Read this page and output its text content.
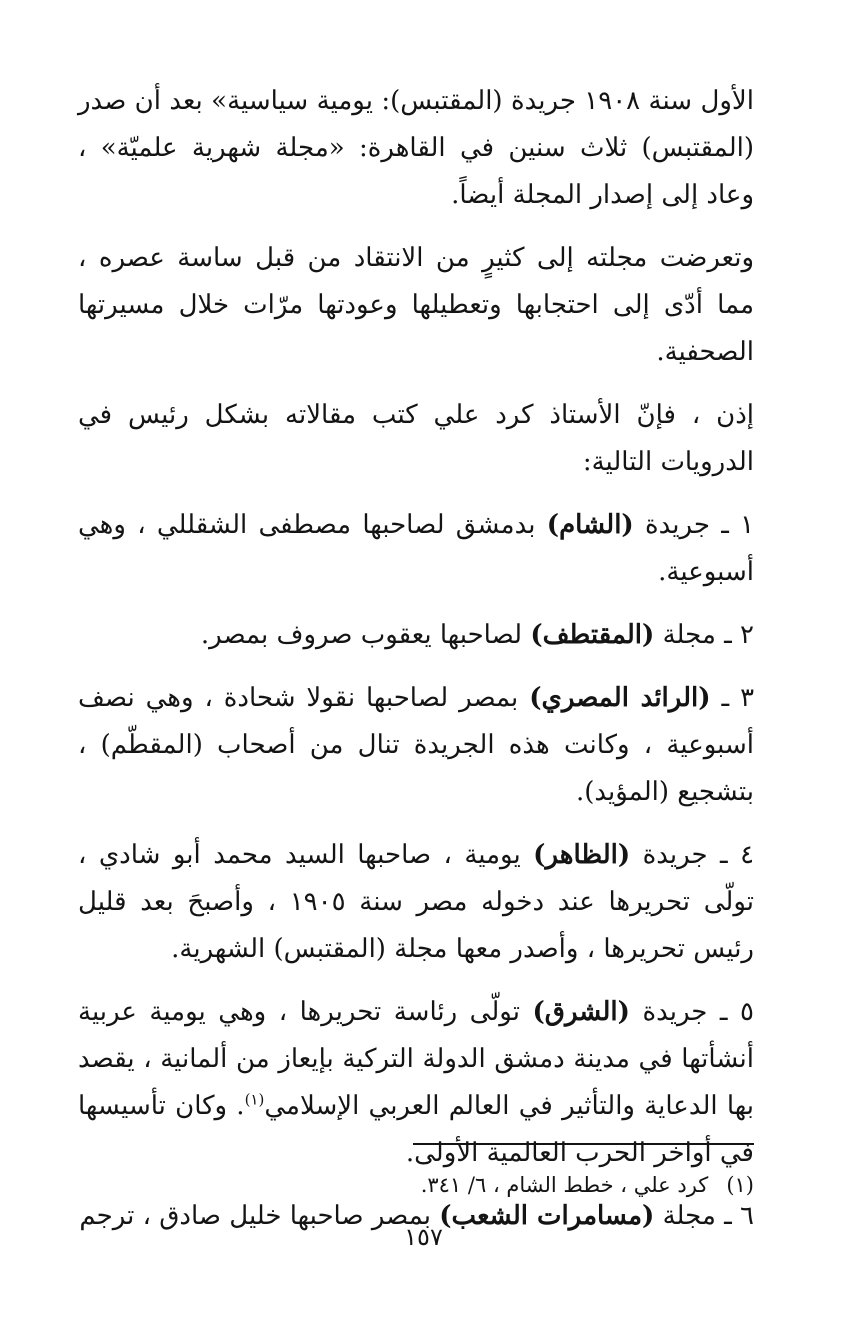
الأول سنة ١٩٠٨ جريدة (المقتبس): يومية سياسية» بعد أن صدر (المقتبس) ثلاث سنين في القاهرة: «مجلة شهرية علميّة» ، وعاد إلى إصدار المجلة أيضاً.

وتعرضت مجلته إلى كثيرٍ من الانتقاد من قبل ساسة عصره ، مما أدّى إلى احتجابها وتعطيلها وعودتها مرّات خلال مسيرتها الصحفية.

إذن ، فإنّ الأستاذ كرد علي كتب مقالاته بشكل رئيس في الدرويات التالية:

١ ـ جريدة (الشام) بدمشق لصاحبها مصطفى الشقللي ، وهي أسبوعية.

٢ ـ مجلة (المقتطف) لصاحبها يعقوب صروف بمصر.

٣ ـ (الرائد المصري) بمصر لصاحبها نقولا شحادة ، وهي نصف أسبوعية ، وكانت هذه الجريدة تنال من أصحاب (المقطّم) ، بتشجيع (المؤيد).

٤ ـ جريدة (الظاهر) يومية ، صاحبها السيد محمد أبو شادي ، تولّى تحريرها عند دخوله مصر سنة ١٩٠٥ ، وأصبحَ بعد قليل رئيس تحريرها ، وأصدر معها مجلة (المقتبس) الشهرية.

٥ ـ جريدة (الشرق) تولّى رئاسة تحريرها ، وهي يومية عربية أنشأتها في مدينة دمشق الدولة التركية بإيعاز من ألمانية ، يقصد بها الدعاية والتأثير في العالم العربي الإسلامي$^{(١)}$. وكان تأسيسها في أواخر الحرب العالمية الأولى.

٦ ـ مجلة (مسامرات الشعب) بمصر صاحبها خليل صادق ، ترجم

(١)كرد علي ، خطط الشام ، ٦/ ٣٤١.
١٥٧
